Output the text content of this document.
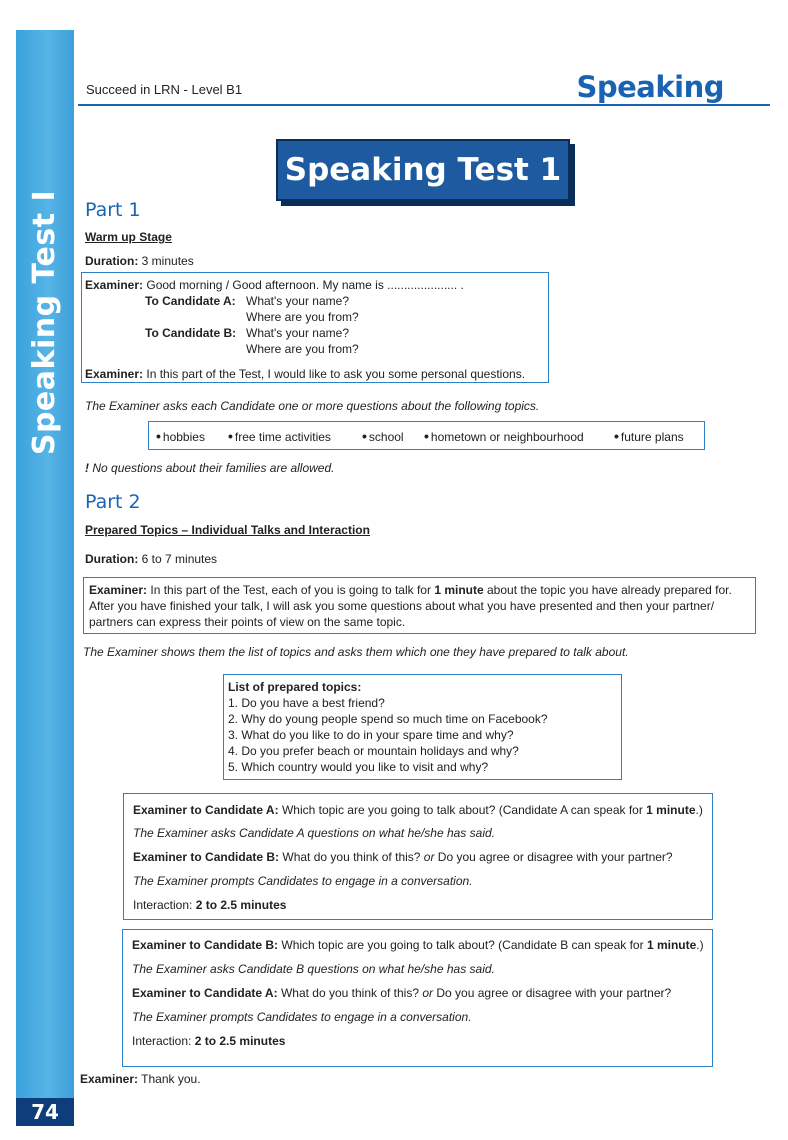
Speaking Test I
74
Succeed in LRN - Level B1	Speaking
Speaking Test 1
Part 1
Warm up Stage
Duration: 3 minutes
Examiner: Good morning / Good afternoon. My name is ..................... .
To Candidate A: What's your name?
Where are you from?
To Candidate B: What's your name?
Where are you from?
Examiner: In this part of the Test, I would like to ask you some personal questions.
The Examiner asks each Candidate one or more questions about the following topics.
• hobbies • free time activities • school • hometown or neighbourhood • future plans
! No questions about their families are allowed.
Part 2
Prepared Topics – Individual Talks and Interaction
Duration: 6 to 7 minutes
Examiner: In this part of the Test, each of you is going to talk for 1 minute about the topic you have already prepared for.
After you have finished your talk, I will ask you some questions about what you have presented and then your partner/
partners can express their points of view on the same topic.
The Examiner shows them the list of topics and asks them which one they have prepared to talk about.
List of prepared topics:
1. Do you have a best friend?
2. Why do young people spend so much time on Facebook?
3. What do you like to do in your spare time and why?
4. Do you prefer beach or mountain holidays and why?
5. Which country would you like to visit and why?
Examiner to Candidate A: Which topic are you going to talk about? (Candidate A can speak for 1 minute.)
The Examiner asks Candidate A questions on what he/she has said.
Examiner to Candidate B: What do you think of this? or Do you agree or disagree with your partner?
The Examiner prompts Candidates to engage in a conversation.
Interaction: 2 to 2.5 minutes
Examiner to Candidate B: Which topic are you going to talk about? (Candidate B can speak for 1 minute.)
The Examiner asks Candidate B questions on what he/she has said.
Examiner to Candidate A: What do you think of this? or Do you agree or disagree with your partner?
The Examiner prompts Candidates to engage in a conversation.
Interaction: 2 to 2.5 minutes
Examiner: Thank you.
